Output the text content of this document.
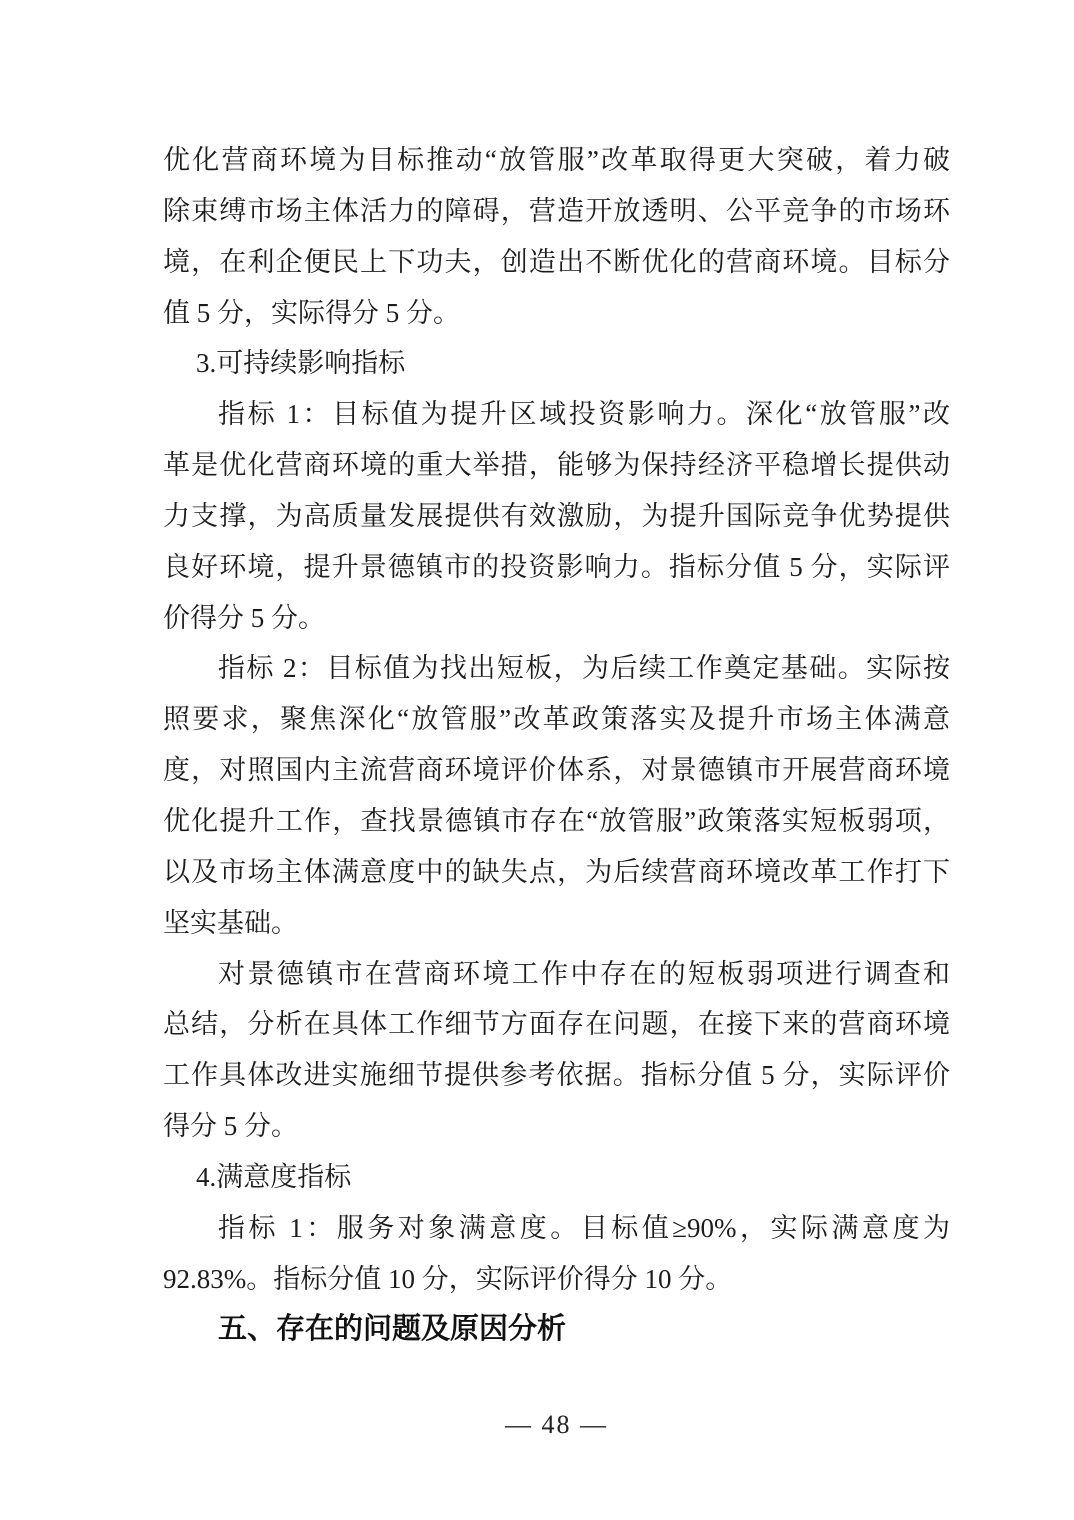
优化营商环境为目标推动“放管服”改革取得更大突破，着力破
除束缚市场主体活力的障碍，营造开放透明、公平竞争的市场环
境，在利企便民上下功夫，创造出不断优化的营商环境。目标分
值 5 分，实际得分 5 分。
3.可持续影响指标
指标 1：目标值为提升区域投资影响力。深化“放管服”改
革是优化营商环境的重大举措，能够为保持经济平稳增长提供动
力支撑，为高质量发展提供有效激励，为提升国际竞争优势提供
良好环境，提升景德镇市的投资影响力。指标分值 5 分，实际评
价得分 5 分。
指标 2：目标值为找出短板，为后续工作奠定基础。实际按
照要求，聚焦深化“放管服”改革政策落实及提升市场主体满意
度，对照国内主流营商环境评价体系，对景德镇市开展营商环境
优化提升工作，查找景德镇市存在“放管服”政策落实短板弱项，
以及市场主体满意度中的缺失点，为后续营商环境改革工作打下
坚实基础。
对景德镇市在营商环境工作中存在的短板弱项进行调查和
总结，分析在具体工作细节方面存在问题，在接下来的营商环境
工作具体改进实施细节提供参考依据。指标分值 5 分，实际评价
得分 5 分。
4.满意度指标
指标 1：服务对象满意度。目标值≥90%，实际满意度为
92.83%。指标分值 10 分，实际评价得分 10 分。
五、存在的问题及原因分析
— 48 —
